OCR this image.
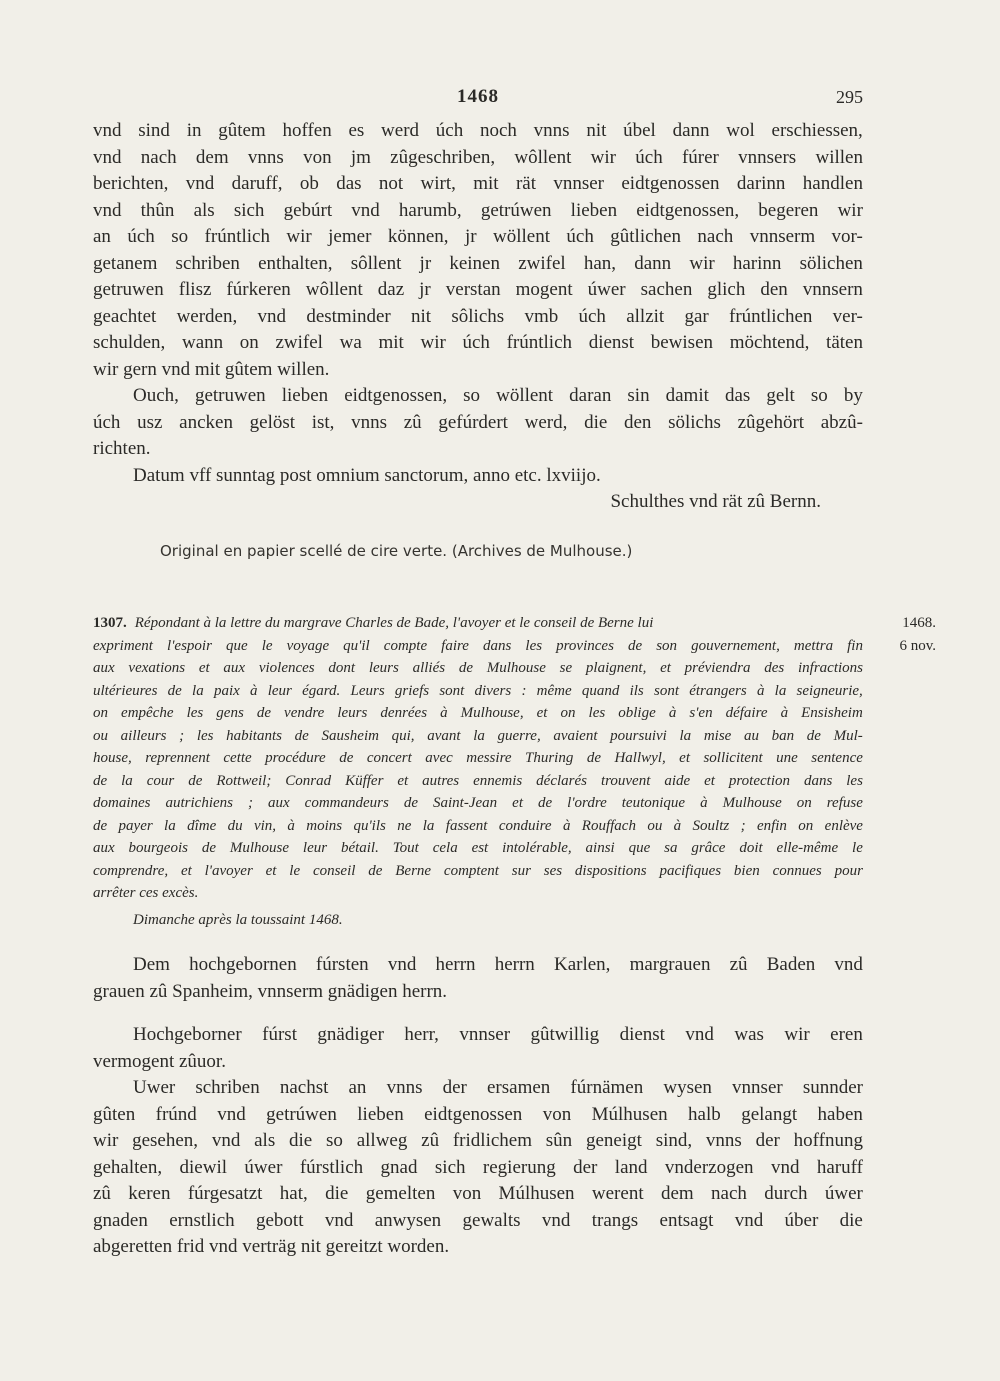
1468	295
vnd sind in gûtem hoffen es werd úch noch vnns nit úbel dann wol erschiessen,
vnd nach dem vnns von jm zûgeschriben, wôllent wir úch fúrer vnnsers willen
berichten, vnd daruff, ob das not wirt, mit rät vnnser eidtgenossen darinn handlen
vnd thûn als sich gebúrt vnd harumb, getrúwen lieben eidtgenossen, begeren wir
an úch so frúntlich wir jemer können, jr wöllent úch gûtlichen nach vnnserm vor-
getanem schriben enthalten, sôllent jr keinen zwifel han, dann wir harinn sölichen
getruwen flisz fúrkeren wôllent daz jr verstan mogent úwer sachen glich den vnnsern
geachtet werden, vnd destminder nit sôlichs vmb úch allzit gar frúntlichen ver-
schulden, wann on zwifel wa mit wir úch frúntlich dienst bewisen möchtend, täten
wir gern vnd mit gûtem willen.
Ouch, getruwen lieben eidtgenossen, so wöllent daran sin damit das gelt so by
úch usz ancken gelöst ist, vnns zû gefúrdert werd, die den sölichs zûgehört abzû-
richten.
Datum vff sunntag post omnium sanctorum, anno etc. lxviijo.
Schulthes vnd rät zû Bernn.
Original en papier scellé de cire verte. (Archives de Mulhouse.)
1307. Répondant à la lettre du margrave Charles de Bade, l'avoyer et le conseil de Berne lui
expriment l'espoir que le voyage qu'il compte faire dans les provinces de son gouvernement, mettra fin
aux vexations et aux violences dont leurs alliés de Mulhouse se plaignent, et préviendra des infractions
ultérieures de la paix à leur égard. Leurs griefs sont divers : même quand ils sont étrangers à la seigneurie,
on empêche les gens de vendre leurs denrées à Mulhouse, et on les oblige à s'en défaire à Ensisheim
ou ailleurs ; les habitants de Sausheim qui, avant la guerre, avaient poursuivi la mise au ban de Mul-
house, reprennent cette procédure de concert avec messire Thuring de Hallwyl, et sollicitent une sentence
de la cour de Rottweil; Conrad Küffer et autres ennemis déclarés trouvent aide et protection dans les
domaines autrichiens ; aux commandeurs de Saint-Jean et de l'ordre teutonique à Mulhouse on refuse
de payer la dîme du vin, à moins qu'ils ne la fassent conduire à Rouffach ou à Soultz ; enfin on enlève
aux bourgeois de Mulhouse leur bétail. Tout cela est intolérable, ainsi que sa grâce doit elle-même le
comprendre, et l'avoyer et le conseil de Berne comptent sur ses dispositions pacifiques bien connues pour
arrêter ces excès.
1468.
6 nov.
Dimanche après la toussaint 1468.
Dem hochgebornen fúrsten vnd herrn herrn Karlen, margrauen zû Baden vnd
grauen zû Spanheim, vnnserm gnädigen herrn.
Hochgeborner fúrst gnädiger herr, vnnser gûtwillig dienst vnd was wir eren
vermogent zûuor.
Uwer schriben nachst an vnns der ersamen fúrnämen wysen vnnser sunnder
gûten frúnd vnd getrúwen lieben eidtgenossen von Múlhusen halb gelangt haben
wir gesehen, vnd als die so allweg zû fridlichem sûn geneigt sind, vnns der hoffnung
gehalten, diewil úwer fúrstlich gnad sich regierung der land vnderzogen vnd haruff
zû keren fúrgesatzt hat, die gemelten von Múlhusen werent dem nach durch úwer
gnaden ernstlich gebott vnd anwysen gewalts vnd trangs entsagt vnd úber die
abgeretten frid vnd verträg nit gereitzt worden.
